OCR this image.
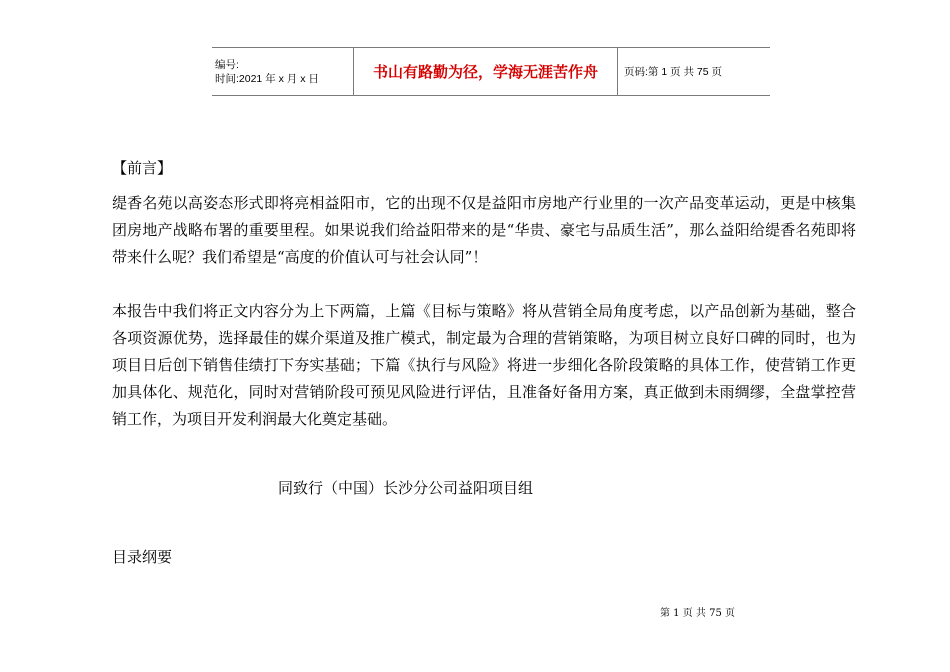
编号:
时间:2021 年 x 月 x 日	书山有路勤为径，学海无涯苦作舟	页码:第 1 页 共 75 页
【前言】

缇香名苑以高姿态形式即将亮相益阳市，它的出现不仅是益阳市房地产行业里的一次产品变革运动，更是中核集团房地产战略布署的重要里程。如果说我们给益阳带来的是“华贵、豪宅与品质生活”，那么益阳给缇香名苑即将带来什么呢？我们希望是“高度的价值认可与社会认同”！

本报告中我们将正文内容分为上下两篇，上篇《目标与策略》将从营销全局角度考虑，以产品创新为基础，整合各项资源优势，选择最佳的媒介渠道及推广模式，制定最为合理的营销策略，为项目树立良好口碑的同时，也为项目日后创下销售佳绩打下夯实基础；下篇《执行与风险》将进一步细化各阶段策略的具体工作，使营销工作更加具体化、规范化，同时对营销阶段可预见风险进行评估，且准备好备用方案，真正做到未雨绸缪，全盘掌控营销工作，为项目开发利润最大化奠定基础。

同致行（中国）长沙分公司益阳项目组
目录纲要
第 1 页 共 75 页
